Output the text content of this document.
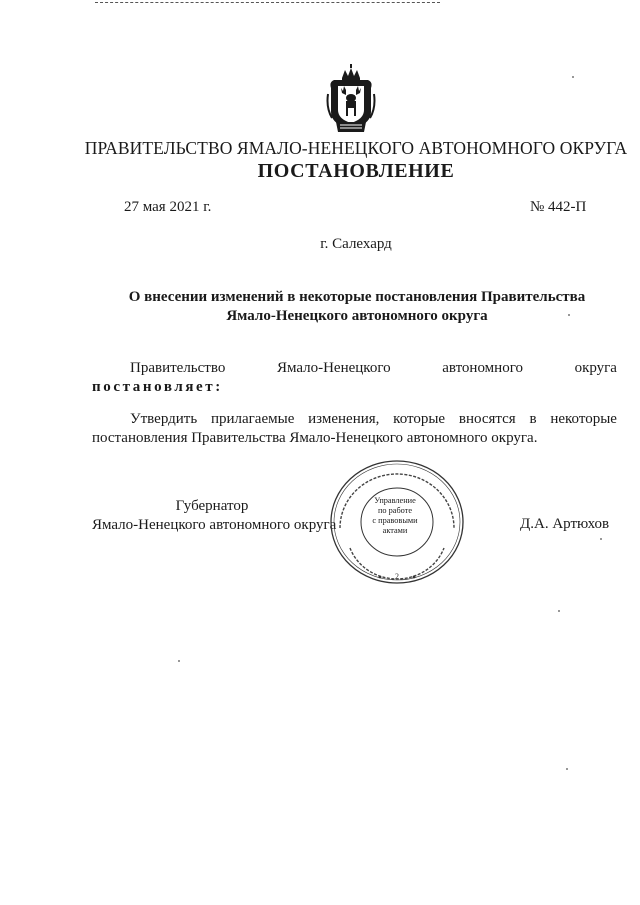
ПРАВИТЕЛЬСТВО ЯМАЛО-НЕНЕЦКОГО АВТОНОМНОГО ОКРУГА
ПОСТАНОВЛЕНИЕ
27 мая 2021 г.	№ 442-П
г. Салехард
О внесении изменений в некоторые постановления Правительства
Ямало-Ненецкого автономного округа
Правительство	Ямало-Ненецкого	автономного	округа
постановляет:
Утвердить прилагаемые изменения, которые вносятся в некоторые
постановления Правительства Ямало-Ненецкого автономного округа.
Губернатор
Ямало-Ненецкого автономного округа
2
Управление
по работе
с правовыми
актами	Д.А. Артюхов
